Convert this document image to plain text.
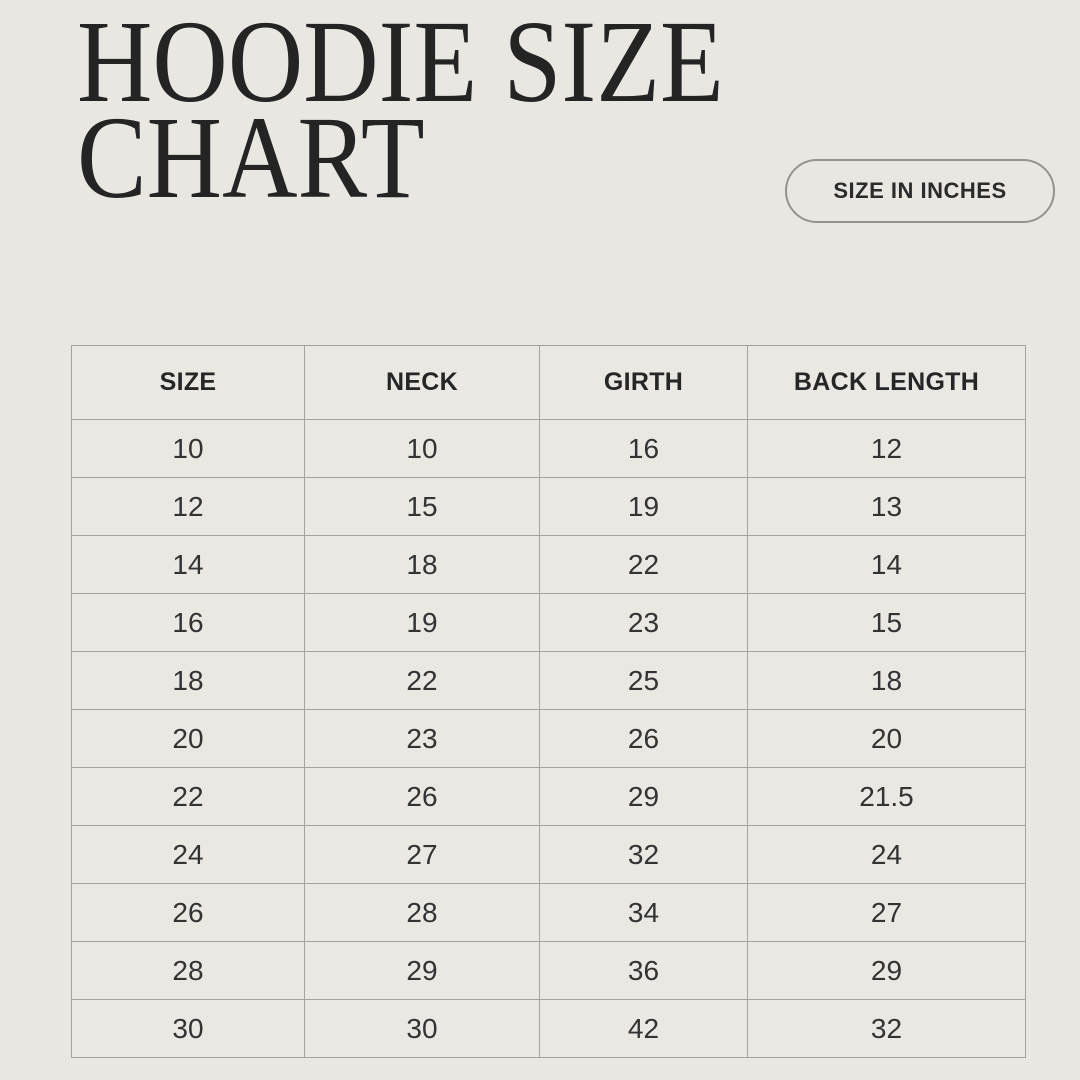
HOODIE SIZE
CHART	SIZE IN INCHES
SIZE	NECK	GIRTH	BACK LENGTH
10	10	16	12
12	15	19	13
14	18	22	14
16	19	23	15
18	22	25	18
20	23	26	20
22	26	29	21.5
24	27	32	24
26	28	34	27
28	29	36	29
30	30	42	32
